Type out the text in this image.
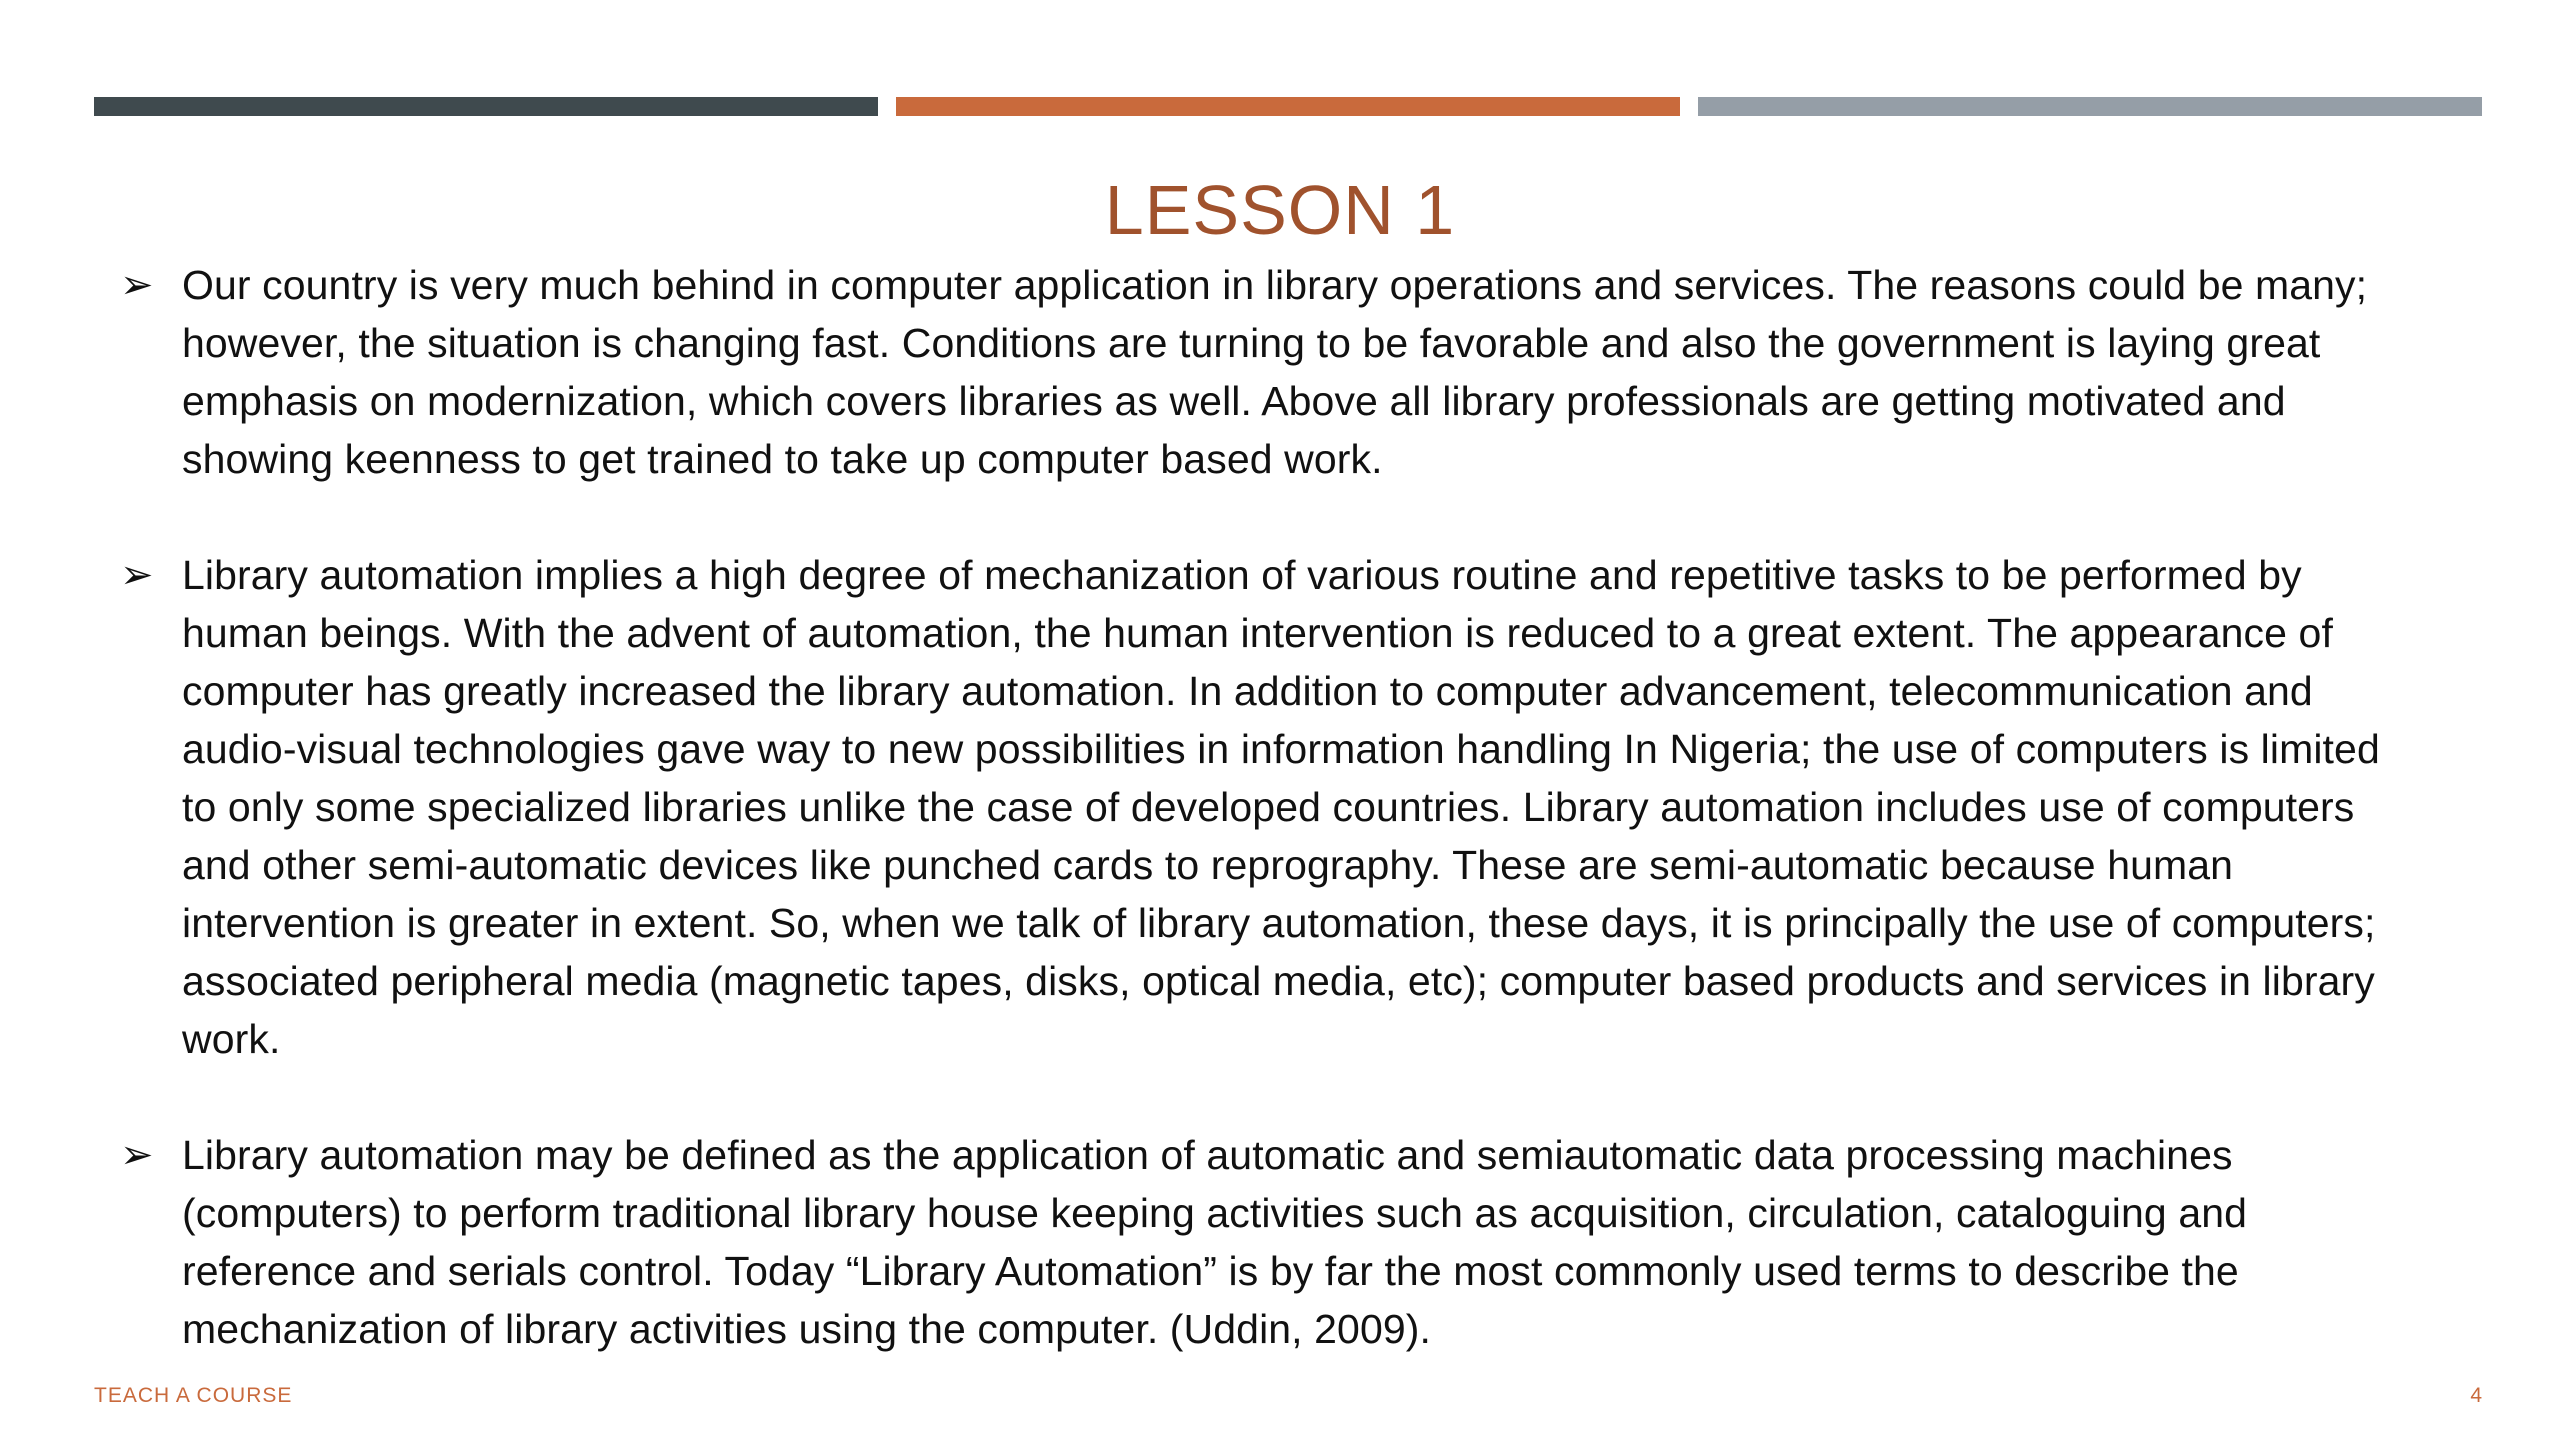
LESSON 1
➢ Our country is very much behind in computer application in library operations and services. The reasons could be many; however, the situation is changing fast. Conditions are turning to be favorable and also the government is laying great emphasis on modernization, which covers libraries as well. Above all library professionals are getting motivated and showing keenness to get trained to take up computer based work.
➢ Library automation implies a high degree of mechanization of various routine and repetitive tasks to be performed by human beings. With the advent of automation, the human intervention is reduced to a great extent. The appearance of computer has greatly increased the library automation. In addition to computer advancement, telecommunication and audio-visual technologies gave way to new possibilities in information handling In Nigeria; the use of computers is limited to only some specialized libraries unlike the case of developed countries. Library automation includes use of computers and other semi-automatic devices like punched cards to reprography. These are semi-automatic because human intervention is greater in extent. So, when we talk of library automation, these days, it is principally the use of computers; associated peripheral media (magnetic tapes, disks, optical media, etc); computer based products and services in library work.
➢ Library automation may be defined as the application of automatic and semiautomatic data processing machines (computers) to perform traditional library house keeping activities such as acquisition, circulation, cataloguing and reference and serials control. Today “Library Automation” is by far the most commonly used terms to describe the mechanization of library activities using the computer. (Uddin, 2009).
TEACH A COURSE	4
